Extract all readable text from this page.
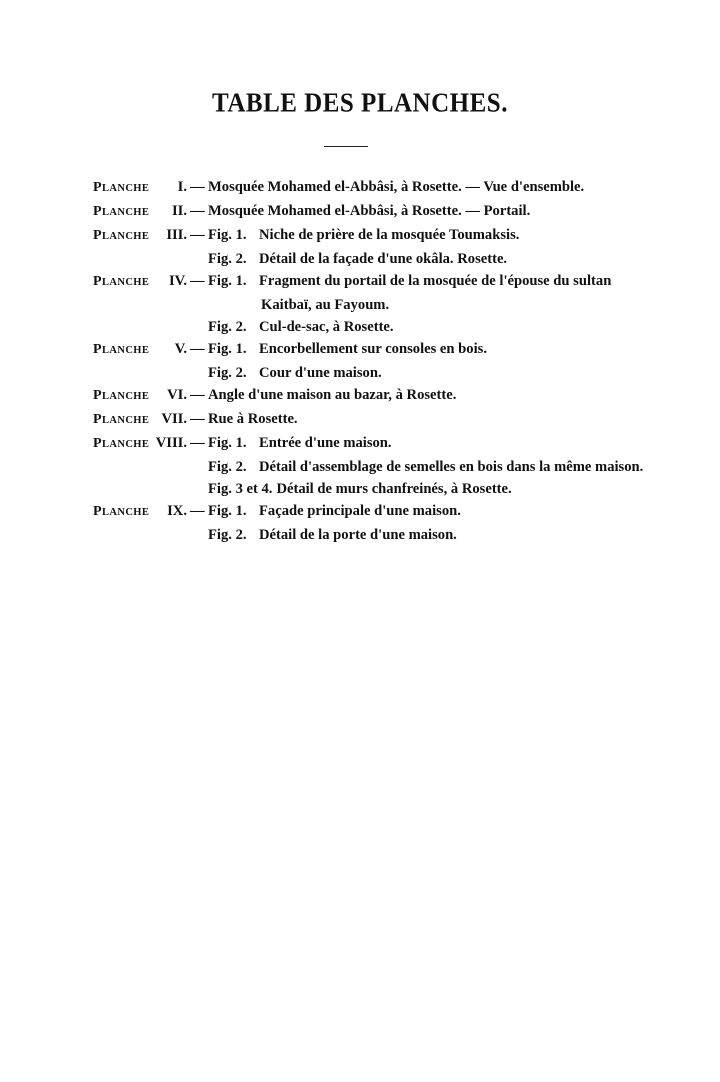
TABLE DES PLANCHES.
PLANCHE	I. — Mosquée Mohamed el-Abbâsi, à Rosette. — Vue d'ensemble.
PLANCHE	II. — Mosquée Mohamed el-Abbâsi, à Rosette. — Portail.
PLANCHE	III. — Fig. 1. Niche de prière de la mosquée Toumaksis.
Fig. 2. Détail de la façade d'une okâla. Rosette.
PLANCHE	IV. — Fig. 1. Fragment du portail de la mosquée de l'épouse du sultan
Kaitbaï, au Fayoum.
Fig. 2. Cul-de-sac, à Rosette.
PLANCHE	V. — Fig. 1. Encorbellement sur consoles en bois.
Fig. 2. Cour d'une maison.
PLANCHE	VI. — Angle d'une maison au bazar, à Rosette.
PLANCHE VII. — Rue à Rosette.
PLANCHE VIII. — Fig. 1. Entrée d'une maison.
Fig. 2. Détail d'assemblage de semelles en bois dans la même maison.
Fig. 3 et 4. Détail de murs chanfreinés, à Rosette.
PLANCHE	IX. — Fig. 1. Façade principale d'une maison.
Fig. 2. Détail de la porte d'une maison.
